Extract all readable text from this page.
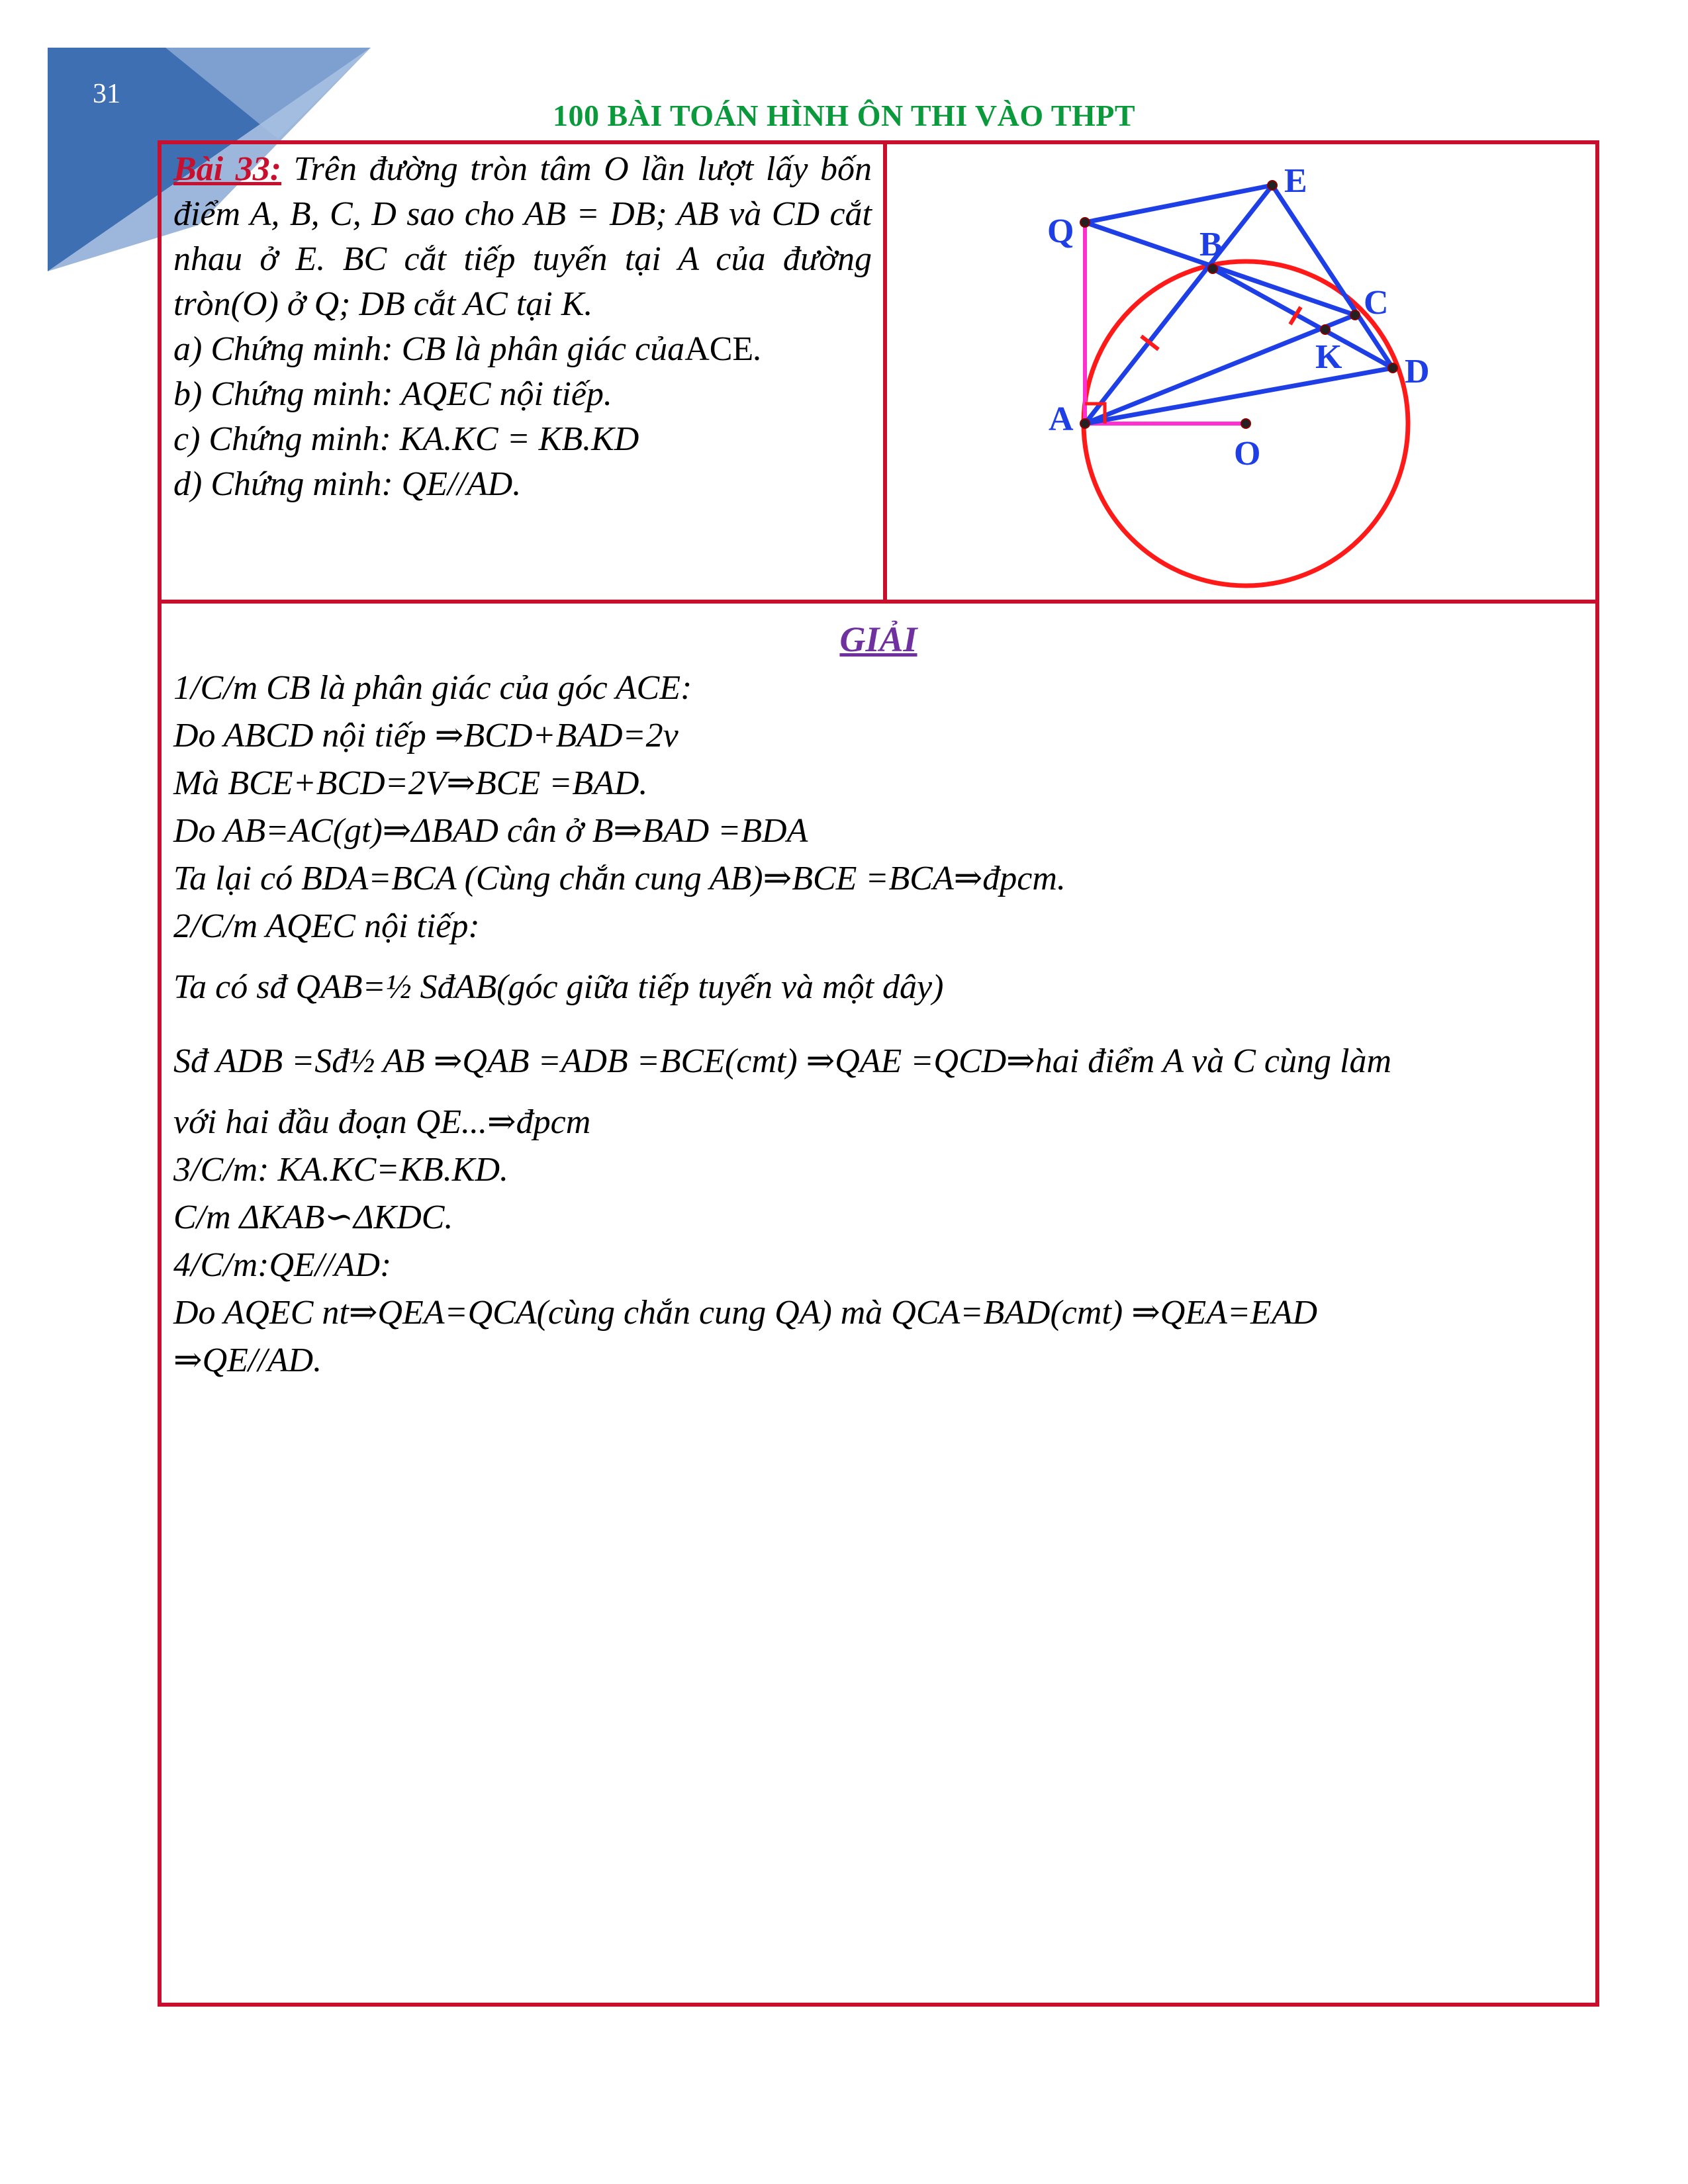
31
100 BÀI TOÁN HÌNH ÔN THI VÀO THPT

Bài 33: Trên đường tròn tâm O lần lượt lấy bốn điểm A, B, C, D sao cho AB = DB; AB và CD cắt nhau ở E. BC cắt tiếp tuyến tại A của đường tròn(O) ở Q; DB cắt AC tại K.

a) Chứng minh: CB là phân giác củaACE.

b) Chứng minh: AQEC nội tiếp.

c) Chứng minh: KA.KC = KB.KD

d) Chứng minh: QE//AD.

E
Q	B
C
K D
A
O

GIẢI

1/C/m CB là phân giác của góc ACE:

Do ABCD nội tiếp ⇒BCD+BAD=2v

Mà BCE+BCD=2V⇒BCE =BAD.

Do AB=AC(gt)⇒ΔBAD cân ở B⇒BAD =BDA

Ta lại có BDA=BCA (Cùng chắn cung AB)⇒BCE =BCA⇒đpcm.

2/C/m AQEC nội tiếp:

Ta có sđ QAB=½ SđAB(góc giữa tiếp tuyến và một dây)

Sđ ADB =Sđ½ AB ⇒QAB =ADB =BCE(cmt) ⇒QAE =QCD⇒hai điểm A và C cùng làm

với hai đầu đoạn QE...⇒đpcm

3/C/m: KA.KC=KB.KD.

C/m ΔKAB∽ΔKDC.

4/C/m:QE//AD:

Do AQEC nt⇒QEA=QCA(cùng chắn cung QA) mà QCA=BAD(cmt) ⇒QEA=EAD

⇒QE//AD.
